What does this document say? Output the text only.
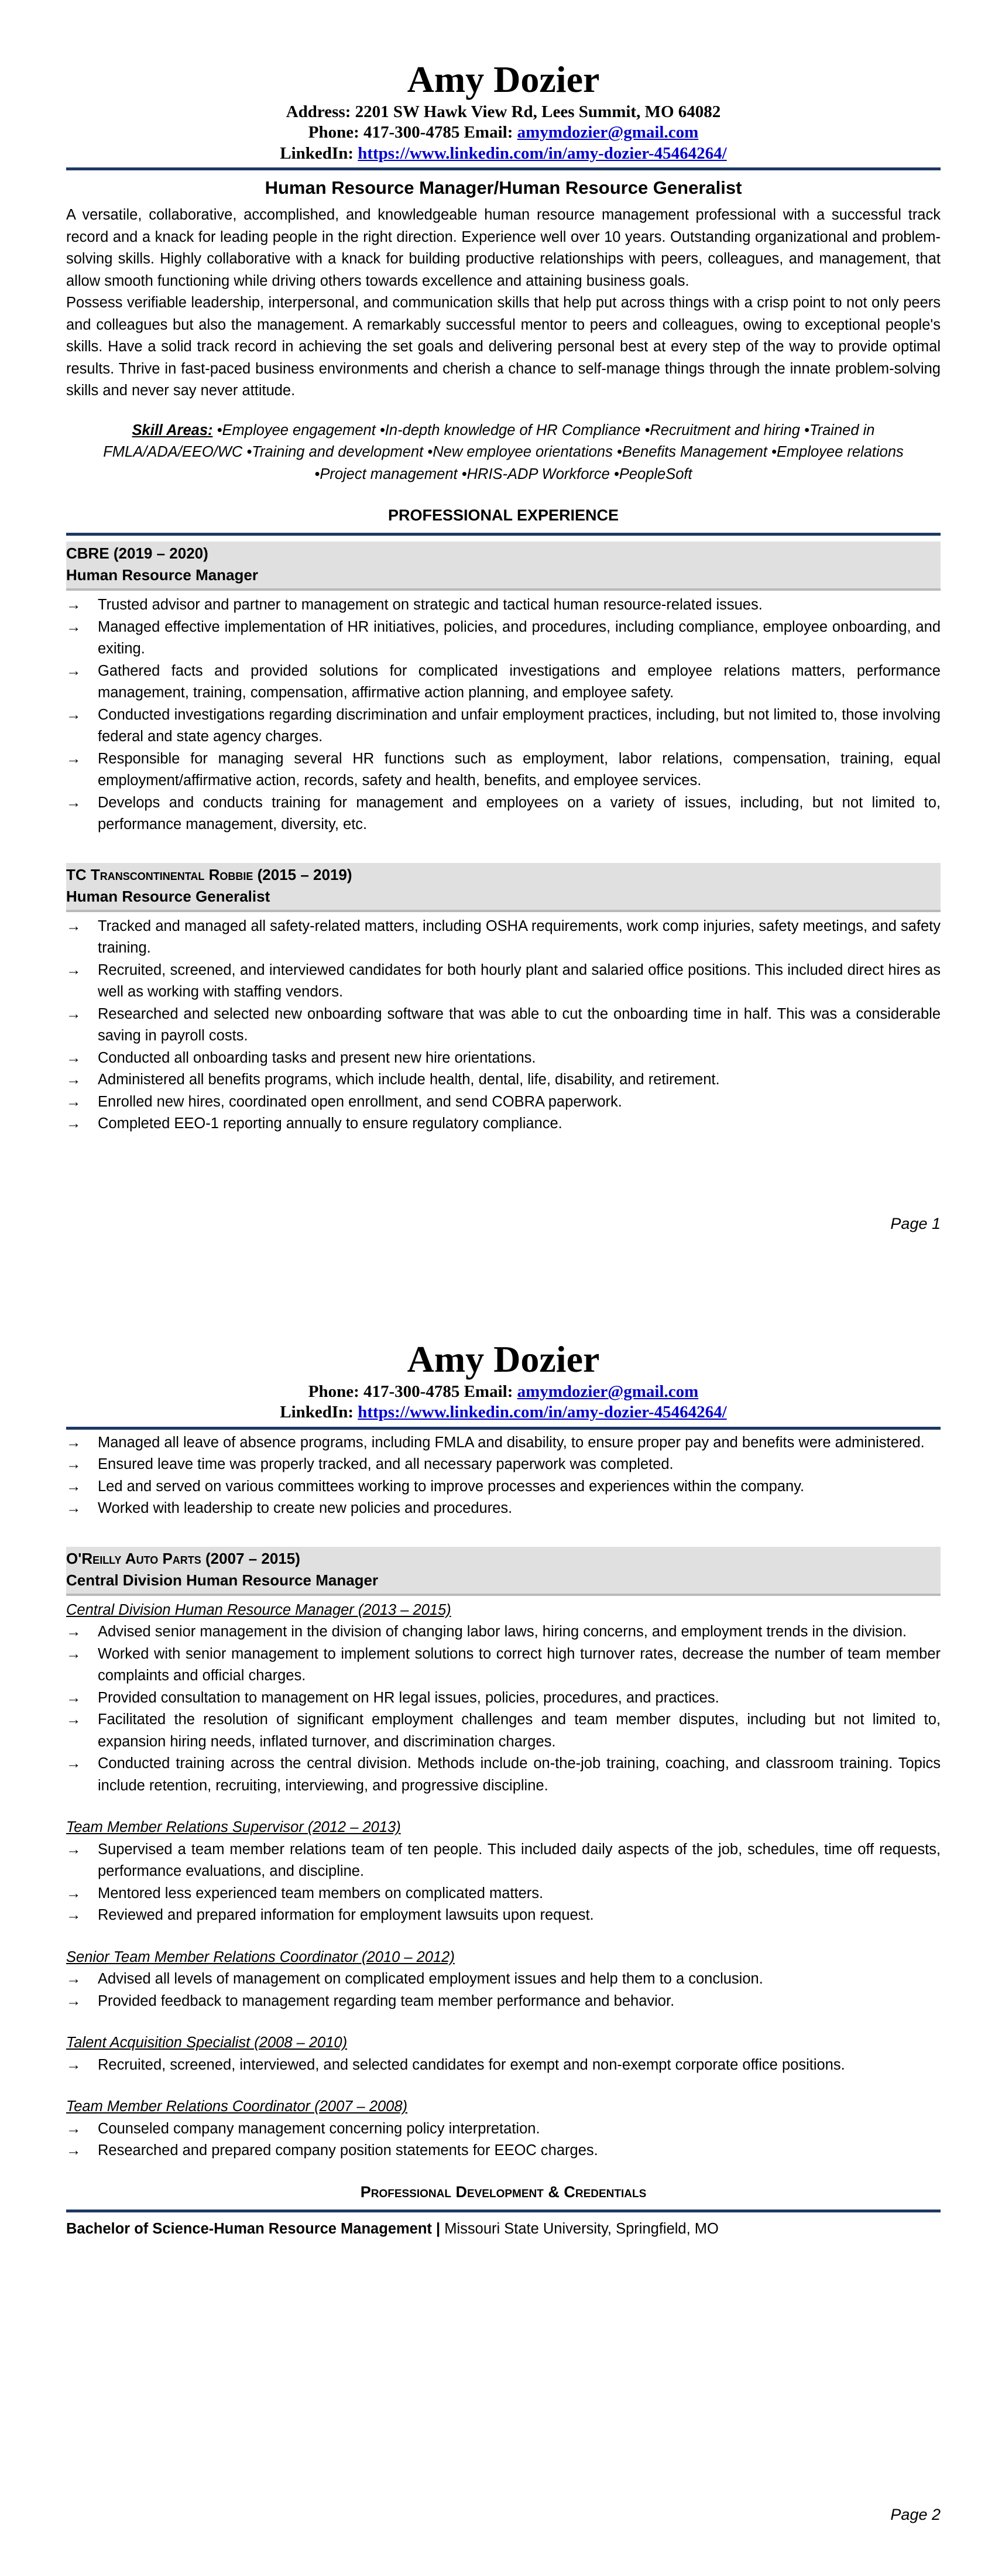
Amy Dozier
Address: 2201 SW Hawk View Rd, Lees Summit, MO 64082
Phone: 417-300-4785 Email: amymdozier@gmail.com
LinkedIn: https://www.linkedin.com/in/amy-dozier-45464264/
Human Resource Manager/Human Resource Generalist

A versatile, collaborative, accomplished, and knowledgeable human resource management professional with a successful track record and a knack for leading people in the right direction. Experience well over 10 years. Outstanding organizational and problem-solving skills. Highly collaborative with a knack for building productive relationships with peers, colleagues, and management, that allow smooth functioning while driving others towards excellence and attaining business goals.

Possess verifiable leadership, interpersonal, and communication skills that help put across things with a crisp point to not only peers and colleagues but also the management. A remarkably successful mentor to peers and colleagues, owing to exceptional people's skills. Have a solid track record in achieving the set goals and delivering personal best at every step of the way to provide optimal results. Thrive in fast-paced business environments and cherish a chance to self-manage things through the innate problem-solving skills and never say never attitude.

Skill Areas: •Employee engagement •In-depth knowledge of HR Compliance •Recruitment and hiring •Trained in FMLA/ADA/EEO/WC •Training and development •New employee orientations •Benefits Management •Employee relations •Project management •HRIS-ADP Workforce •PeopleSoft
PROFESSIONAL EXPERIENCE
CBRE (2019 – 2020)
Human Resource Manager
→ Trusted advisor and partner to management on strategic and tactical human resource-related issues.
→ Managed effective implementation of HR initiatives, policies, and procedures, including compliance, employee onboarding, and exiting.
→ Gathered facts and provided solutions for complicated investigations and employee relations matters, performance management, training, compensation, affirmative action planning, and employee safety.
→ Conducted investigations regarding discrimination and unfair employment practices, including, but not limited to, those involving federal and state agency charges.
→ Responsible for managing several HR functions such as employment, labor relations, compensation, training, equal employment/affirmative action, records, safety and health, benefits, and employee services.
→ Develops and conducts training for management and employees on a variety of issues, including, but not limited to, performance management, diversity, etc.
TC Transcontinental Robbie (2015 – 2019)
Human Resource Generalist
→ Tracked and managed all safety-related matters, including OSHA requirements, work comp injuries, safety meetings, and safety training.
→ Recruited, screened, and interviewed candidates for both hourly plant and salaried office positions. This included direct hires as well as working with staffing vendors.
→ Researched and selected new onboarding software that was able to cut the onboarding time in half. This was a considerable saving in payroll costs.
→ Conducted all onboarding tasks and present new hire orientations.
→ Administered all benefits programs, which include health, dental, life, disability, and retirement.
→ Enrolled new hires, coordinated open enrollment, and send COBRA paperwork.
→ Completed EEO-1 reporting annually to ensure regulatory compliance.
Page 1
Amy Dozier
Phone: 417-300-4785 Email: amymdozier@gmail.com
LinkedIn: https://www.linkedin.com/in/amy-dozier-45464264/
→ Managed all leave of absence programs, including FMLA and disability, to ensure proper pay and benefits were administered.
→ Ensured leave time was properly tracked, and all necessary paperwork was completed.
→ Led and served on various committees working to improve processes and experiences within the company.
→ Worked with leadership to create new policies and procedures.
O'Reilly Auto Parts (2007 – 2015)
Central Division Human Resource Manager
Central Division Human Resource Manager (2013 – 2015)
→ Advised senior management in the division of changing labor laws, hiring concerns, and employment trends in the division.
→ Worked with senior management to implement solutions to correct high turnover rates, decrease the number of team member complaints and official charges.
→ Provided consultation to management on HR legal issues, policies, procedures, and practices.
→ Facilitated the resolution of significant employment challenges and team member disputes, including but not limited to, expansion hiring needs, inflated turnover, and discrimination charges.
→ Conducted training across the central division. Methods include on-the-job training, coaching, and classroom training. Topics include retention, recruiting, interviewing, and progressive discipline.
Team Member Relations Supervisor (2012 – 2013)
→ Supervised a team member relations team of ten people. This included daily aspects of the job, schedules, time off requests, performance evaluations, and discipline.
→ Mentored less experienced team members on complicated matters.
→ Reviewed and prepared information for employment lawsuits upon request.
Senior Team Member Relations Coordinator (2010 – 2012)
→ Advised all levels of management on complicated employment issues and help them to a conclusion.
→ Provided feedback to management regarding team member performance and behavior.
Talent Acquisition Specialist (2008 – 2010)
→ Recruited, screened, interviewed, and selected candidates for exempt and non-exempt corporate office positions.
Team Member Relations Coordinator (2007 – 2008)
→ Counseled company management concerning policy interpretation.
→ Researched and prepared company position statements for EEOC charges.
Professional Development & Credentials
Bachelor of Science-Human Resource Management | Missouri State University, Springfield, MO
Page 2
